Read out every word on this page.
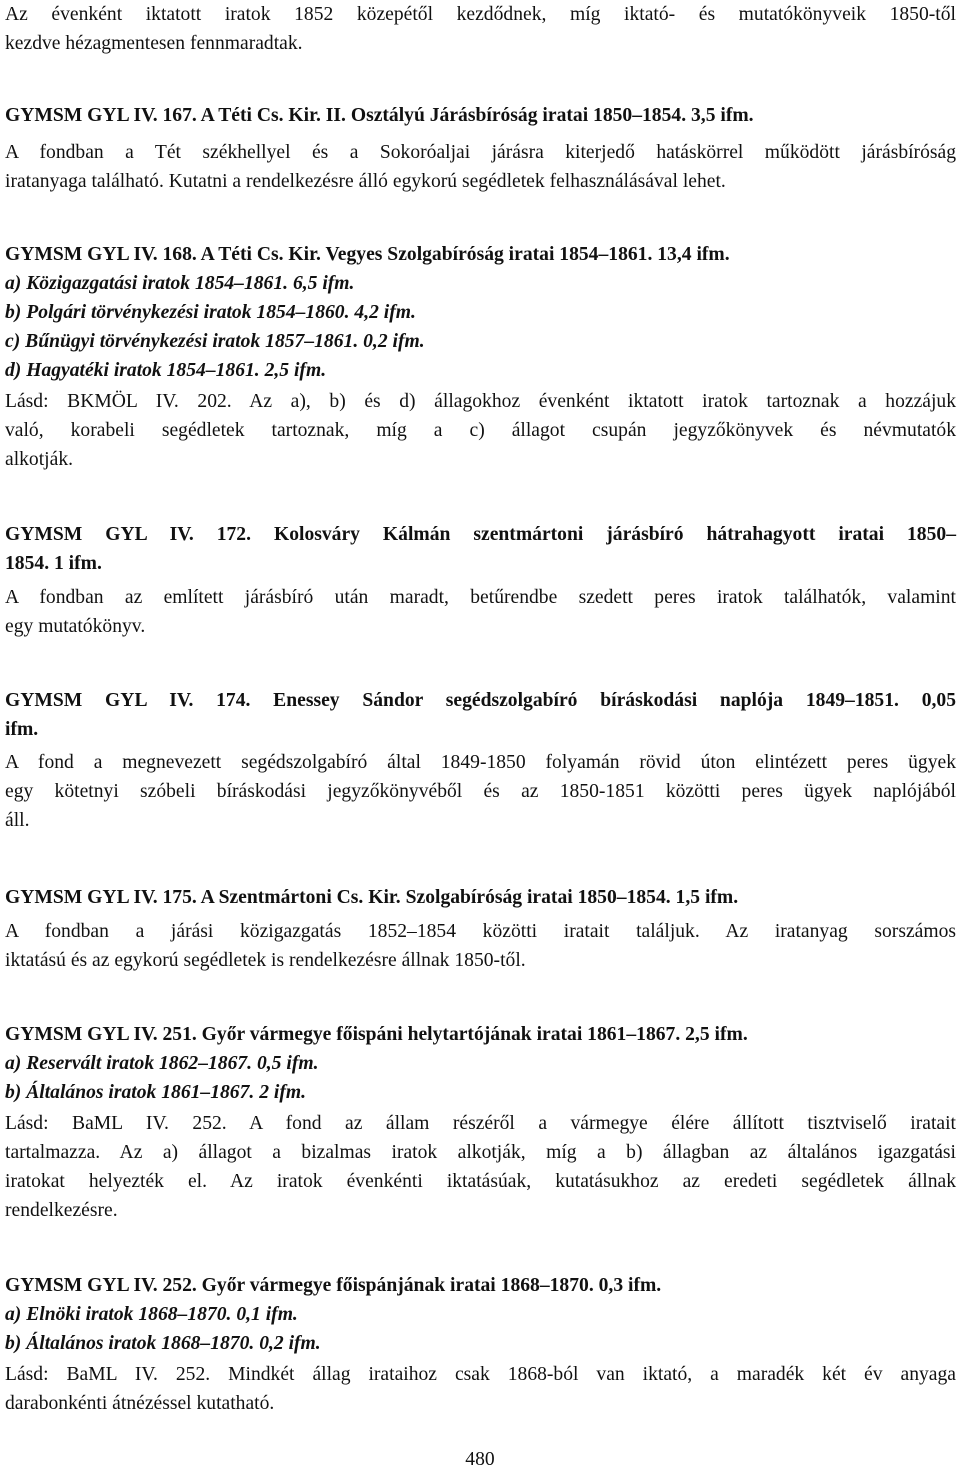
Az évenként iktatott iratok 1852 közepétől kezdődnek, míg iktató- és mutatókönyveik 1850-től

kezdve hézagmentesen fennmaradtak.

GYMSM GYL IV. 167. A Téti Cs. Kir. II. Osztályú Járásbíróság iratai 1850–1854. 3,5 ifm.

A fondban a Tét székhellyel és a Sokoróaljai járásra kiterjedő hatáskörrel működött járásbíróság

iratanyaga található. Kutatni a rendelkezésre álló egykorú segédletek felhasználásával lehet.

GYMSM GYL IV. 168. A Téti Cs. Kir. Vegyes Szolgabíróság iratai 1854–1861. 13,4 ifm.

a) Közigazgatási iratok 1854–1861. 6,5 ifm.

b) Polgári törvénykezési iratok 1854–1860. 4,2 ifm.

c) Bűnügyi törvénykezési iratok 1857–1861. 0,2 ifm.

d) Hagyatéki iratok 1854–1861. 2,5 ifm.

Lásd: BKMÖL IV. 202. Az a), b) és d) állagokhoz évenként iktatott iratok tartoznak a hozzájuk

való, korabeli segédletek tartoznak, míg a c) állagot csupán jegyzőkönyvek és névmutatók

alkotják.

GYMSM GYL IV. 172. Kolosváry Kálmán szentmártoni járásbíró hátrahagyott iratai 1850–

1854. 1 ifm.

A fondban az említett járásbíró után maradt, betűrendbe szedett peres iratok találhatók, valamint

egy mutatókönyv.

GYMSM GYL IV. 174. Enessey Sándor segédszolgabíró bíráskodási naplója 1849–1851. 0,05

ifm.

A fond a megnevezett segédszolgabíró által 1849-1850 folyamán rövid úton elintézett peres ügyek

egy kötetnyi szóbeli bíráskodási jegyzőkönyvéből és az 1850-1851 közötti peres ügyek naplójából

áll.

GYMSM GYL IV. 175. A Szentmártoni Cs. Kir. Szolgabíróság iratai 1850–1854. 1,5 ifm.

A fondban a járási közigazgatás 1852–1854 közötti iratait találjuk. Az iratanyag sorszámos

iktatású és az egykorú segédletek is rendelkezésre állnak 1850-től.

GYMSM GYL IV. 251. Győr vármegye főispáni helytartójának iratai 1861–1867. 2,5 ifm.

a) Reservált iratok 1862–1867. 0,5 ifm.

b) Általános iratok 1861–1867. 2 ifm.

Lásd: BaML IV. 252. A fond az állam részéről a vármegye élére állított tisztviselő iratait

tartalmazza. Az a) állagot a bizalmas iratok alkotják, míg a b) állagban az általános igazgatási

iratokat helyezték el. Az iratok évenkénti iktatásúak, kutatásukhoz az eredeti segédletek állnak

rendelkezésre.

GYMSM GYL IV. 252. Győr vármegye főispánjának iratai 1868–1870. 0,3 ifm.

a) Elnöki iratok 1868–1870. 0,1 ifm.

b) Általános iratok 1868–1870. 0,2 ifm.

Lásd: BaML IV. 252. Mindkét állag irataihoz csak 1868-ból van iktató, a maradék két év anyaga

darabonkénti átnézéssel kutatható.

480
